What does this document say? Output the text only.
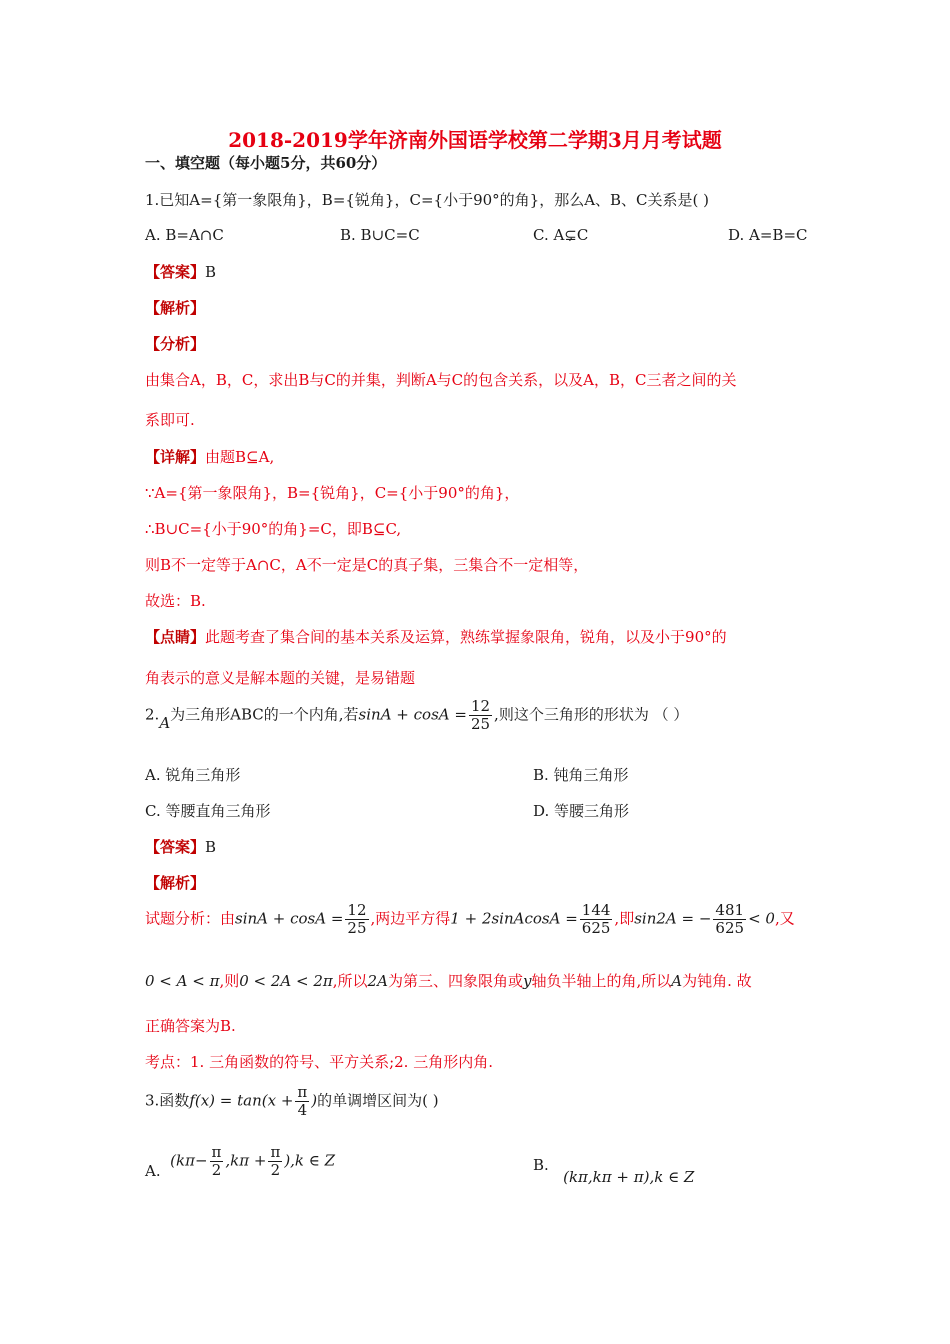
2018-2019学年济南外国语学校第二学期3月月考试题
一、填空题（每小题5分，共60分）
1.已知A={第一象限角}，B={锐角}，C={小于90°的角}，那么A、B、C关系是( )
A. B=A∩C	B. B∪C=C	C. A⊊C	D. A=B=C
【答案】B
【解析】
【分析】
由集合A，B，C，求出B与C的并集，判断A与C的包含关系，以及A，B，C三者之间的关
系即可.
【详解】由题B⊆A,
∵A={第一象限角}，B={锐角}，C={小于90°的角}，
∴B∪C={小于90°的角}=C，即B⊆C,
则B不一定等于A∩C，A不一定是C的真子集，三集合不一定相等，
故选：B.
【点睛】此题考查了集合间的基本关系及运算，熟练掌握象限角，锐角，以及小于90°的
角表示的意义是解本题的关键，是易错题
2.A为三角形ABC的一个内角,若$\sin A + \cos A = \frac{12}{25}$ ,则这个三角形的形状为 （ ）
A. 锐角三角形	B. 钝角三角形
C. 等腰直角三角形	D. 等腰三角形
【答案】B
【解析】
试题分析：由$\sin A + \cos A = \frac{12}{25}$ ,两边平方得1 + 2sinAcosA = $\frac{144}{625}$ ,即sin2A = − $\frac{481}{625} < 0$,又
0 < A < π,则0 < 2A < 2π,所以2A为第三、四象限角或y轴负半轴上的角,所以A为钝角. 故
正确答案为B.
考点：1. 三角函数的符号、平方关系;2. 三角形内角.
3.函数$f(x) = \tan(x + \frac{\pi}{4}$ )的单调增区间为( )
A.  $(k\pi- \frac{\pi}{2} ,k\pi + \frac{\pi}{2} ),k$ ∈ Z	B.   (kπ,kπ + π),k ∈ Z
